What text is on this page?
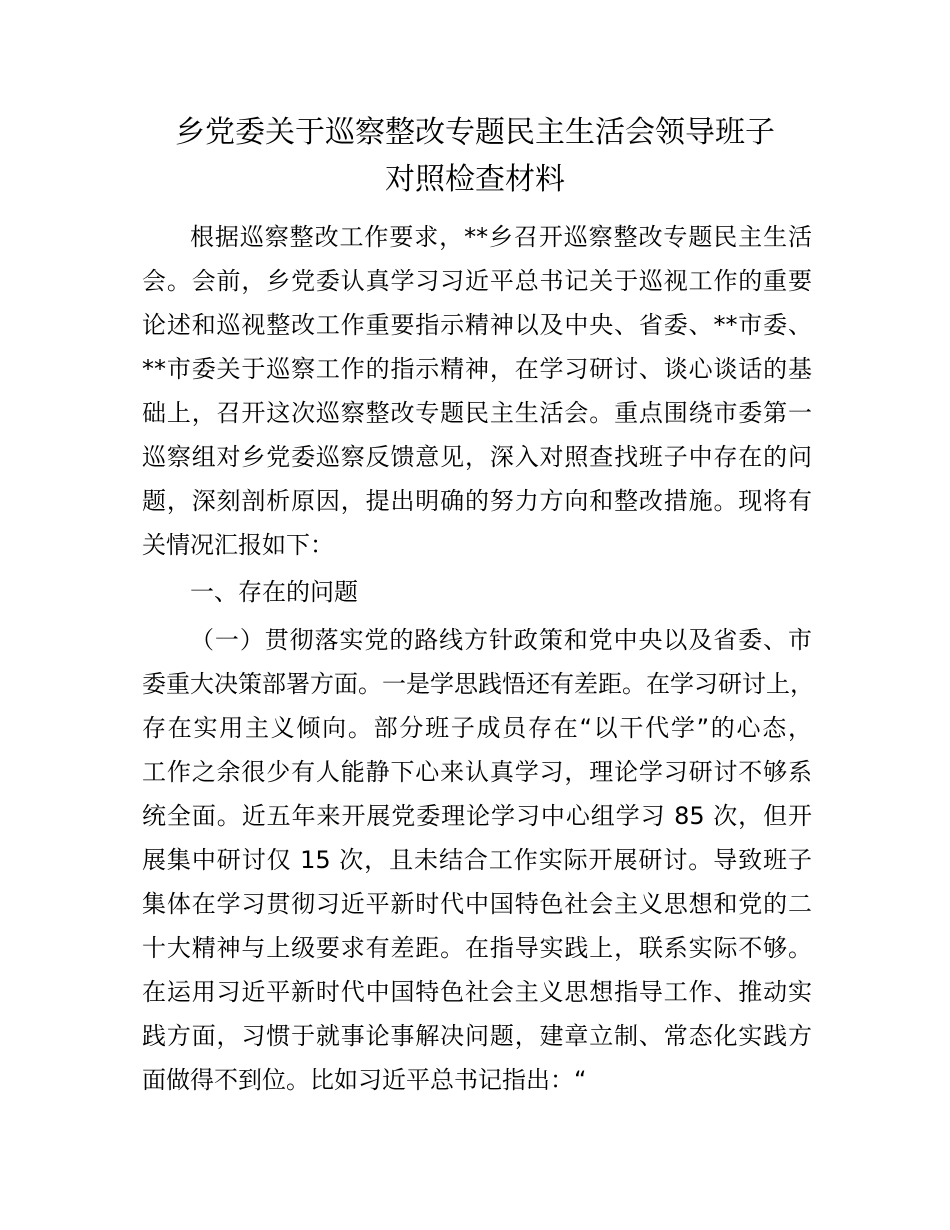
乡党委关于巡察整改专题民主生活会领导班子
对照检查材料
根据巡察整改工作要求，**乡召开巡察整改专题民主生活
会。会前，乡党委认真学习习近平总书记关于巡视工作的重要
论述和巡视整改工作重要指示精神以及中央、省委、**市委、
**市委关于巡察工作的指示精神，在学习研讨、谈心谈话的基
础上，召开这次巡察整改专题民主生活会。重点围绕市委第一
巡察组对乡党委巡察反馈意见，深入对照查找班子中存在的问
题，深刻剖析原因，提出明确的努力方向和整改措施。现将有
关情况汇报如下：
一、存在的问题
（一）贯彻落实党的路线方针政策和党中央以及省委、市
委重大决策部署方面。一是学思践悟还有差距。在学习研讨上，
存在实用主义倾向。部分班子成员存在“以干代学”的心态，
工作之余很少有人能静下心来认真学习，理论学习研讨不够系
统全面。近五年来开展党委理论学习中心组学习 85 次，但开
展集中研讨仅 15 次，且未结合工作实际开展研讨。导致班子
集体在学习贯彻习近平新时代中国特色社会主义思想和党的二
十大精神与上级要求有差距。在指导实践上，联系实际不够。
在运用习近平新时代中国特色社会主义思想指导工作、推动实
践方面，习惯于就事论事解决问题，建章立制、常态化实践方
面做得不到位。比如习近平总书记指出：“
